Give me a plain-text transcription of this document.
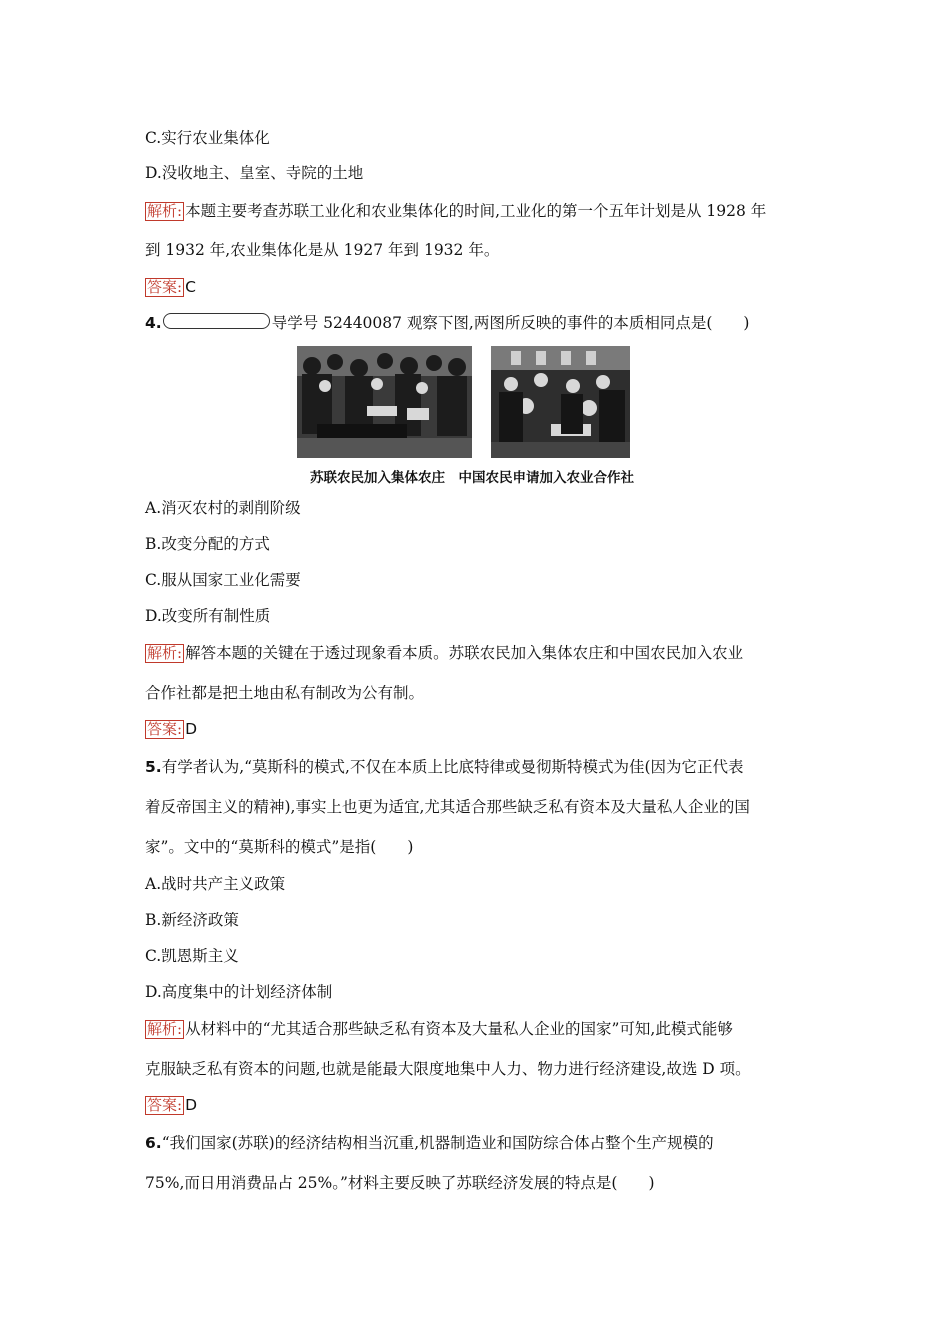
C.实行农业集体化
D.没收地主、皇室、寺院的土地
解析: 本题主要考查苏联工业化和农业集体化的时间,工业化的第一个五年计划是从 1928 年
到 1932 年,农业集体化是从 1927 年到 1932 年。
答案: C
4.	导学号 52440087 观察下图,两图所反映的事件的本质相同点是(　　)
苏联农民加入集体农庄　中国农民申请加入农业合作社
A.消灭农村的剥削阶级
B.改变分配的方式
C.服从国家工业化需要
D.改变所有制性质
解析: 解答本题的关键在于透过现象看本质。苏联农民加入集体农庄和中国农民加入农业
合作社都是把土地由私有制改为公有制。
答案: D
5.有学者认为,“莫斯科的模式,不仅在本质上比底特律或曼彻斯特模式为佳(因为它正代表
着反帝国主义的精神),事实上也更为适宜,尤其适合那些缺乏私有资本及大量私人企业的国
家”。文中的“莫斯科的模式”是指(　　)
A.战时共产主义政策
B.新经济政策
C.凯恩斯主义
D.高度集中的计划经济体制
解析: 从材料中的“尤其适合那些缺乏私有资本及大量私人企业的国家”可知,此模式能够
克服缺乏私有资本的问题,也就是能最大限度地集中人力、物力进行经济建设,故选 D 项。
答案: D
6.“我们国家(苏联)的经济结构相当沉重,机器制造业和国防综合体占整个生产规模的
75%,而日用消费品占 25%。”材料主要反映了苏联经济发展的特点是(　　)
